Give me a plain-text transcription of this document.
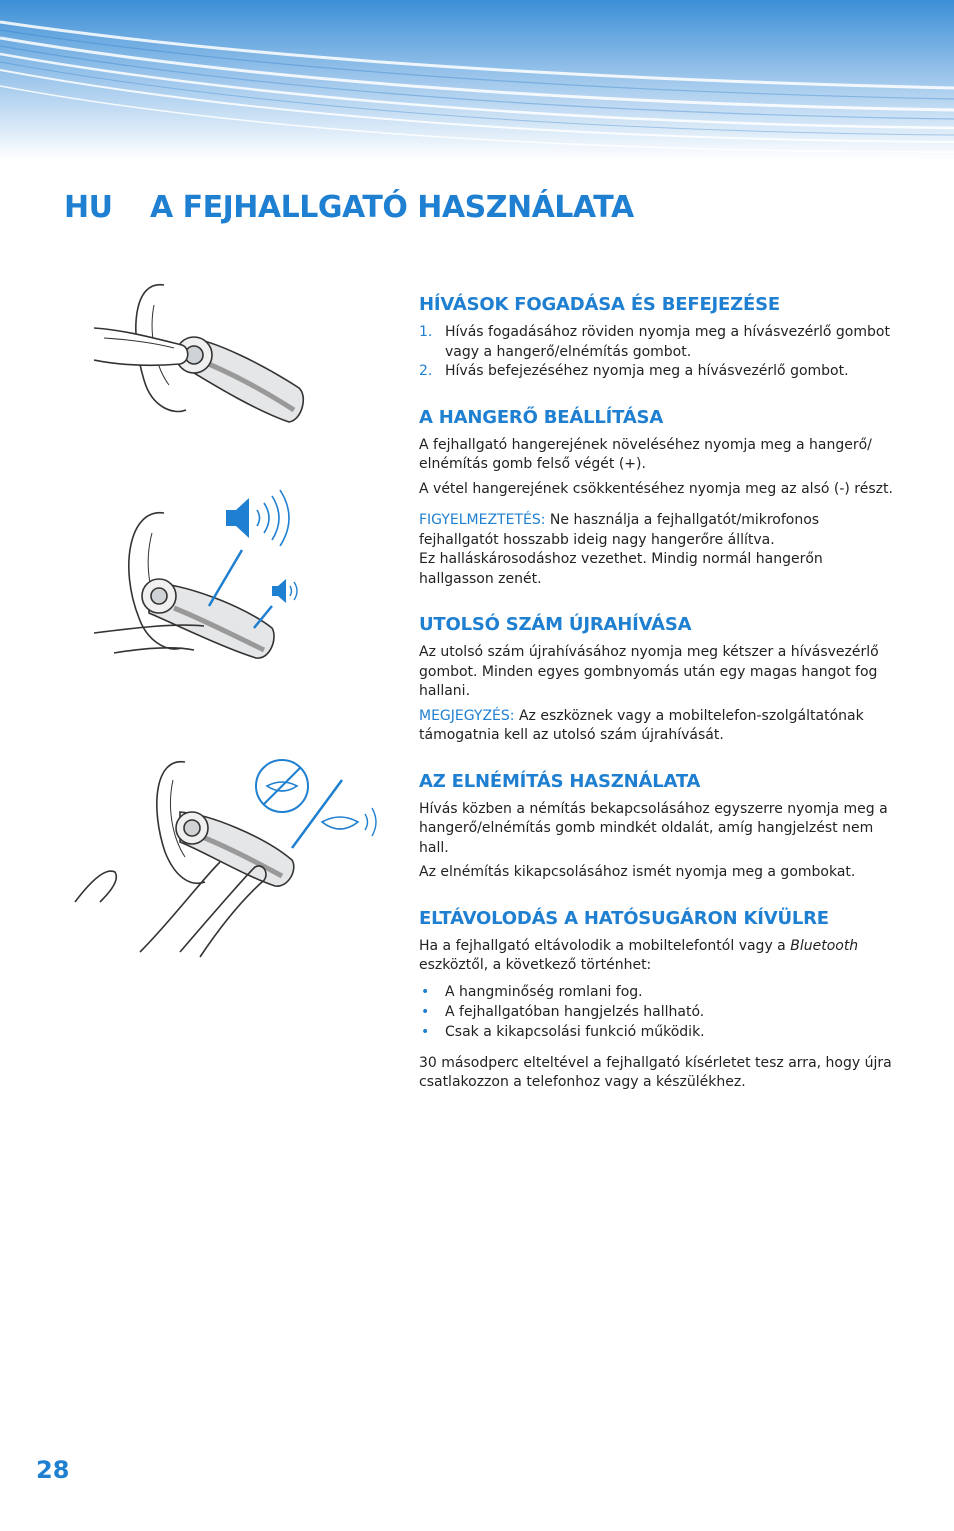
HU A FEJHALLGATÓ HASZNÁLATA
HÍVÁSOK FOGADÁSA ÉS BEFEJEZÉSE
1. Hívás fogadásához röviden nyomja meg a hívásvezérlő gombot vagy a hangerő/elnémítás gombot.
2. Hívás befejezéséhez nyomja meg a hívásvezérlő gombot.
A HANGERŐ BEÁLLÍTÁSA

A fejhallgató hangerejének növeléséhez nyomja meg a hangerő/ elnémítás gomb felső végét (+).

A vétel hangerejének csökkentéséhez nyomja meg az alsó (-) részt.

FIGYELMEZTETÉS: Ne használja a fejhallgatót/mikrofonos fejhallgatót hosszabb ideig nagy hangerőre állítva.

Ez halláskárosodáshoz vezethet. Mindig normál hangerőn hallgasson zenét.

UTOLSÓ SZÁM ÚJRAHÍVÁSA

Az utolsó szám újrahívásához nyomja meg kétszer a hívásvezérlő gombot. Minden egyes gombnyomás után egy magas hangot fog hallani.

MEGJEGYZÉS: Az eszköznek vagy a mobiltelefon-szolgáltatónak támogatnia kell az utolsó szám újrahívását.

AZ ELNÉMÍTÁS HASZNÁLATA

Hívás közben a némítás bekapcsolásához egyszerre nyomja meg a hangerő/elnémítás gomb mindkét oldalát, amíg hangjelzést nem hall.

Az elnémítás kikapcsolásához ismét nyomja meg a gombokat.

ELTÁVOLODÁS A HATÓSUGÁRON KÍVÜLRE

Ha a fejhallgató eltávolodik a mobiltelefontól vagy a Bluetooth eszköztől, a következő történhet:

• A hangminőség romlani fog.
• A fejhallgatóban hangjelzés hallható.
• Csak a kikapcsolási funkció működik.

30 másodperc elteltével a fejhallgató kísérletet tesz arra, hogy újra csatlakozzon a telefonhoz vagy a készülékhez.

28
